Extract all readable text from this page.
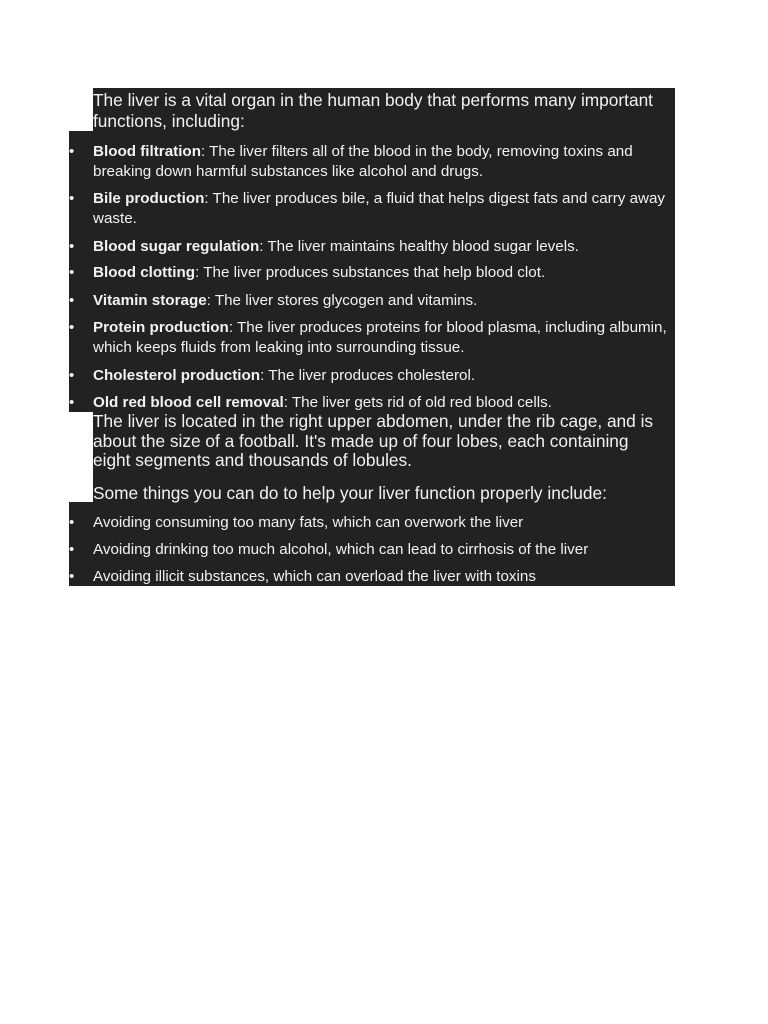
The liver is a vital organ in the human body that performs many important functions, including:

• Blood filtration: The liver filters all of the blood in the body, removing toxins and breaking down harmful substances like alcohol and drugs.
• Bile production: The liver produces bile, a fluid that helps digest fats and carry away waste.
• Blood sugar regulation: The liver maintains healthy blood sugar levels.
• Blood clotting: The liver produces substances that help blood clot.
• Vitamin storage: The liver stores glycogen and vitamins.
• Protein production: The liver produces proteins for blood plasma, including albumin, which keeps fluids from leaking into surrounding tissue.
• Cholesterol production: The liver produces cholesterol.
• Old red blood cell removal: The liver gets rid of old red blood cells.

The liver is located in the right upper abdomen, under the rib cage, and is about the size of a football. It's made up of four lobes, each containing eight segments and thousands of lobules.

Some things you can do to help your liver function properly include:

• Avoiding consuming too many fats, which can overwork the liver
• Avoiding drinking too much alcohol, which can lead to cirrhosis of the liver
• Avoiding illicit substances, which can overload the liver with toxins
